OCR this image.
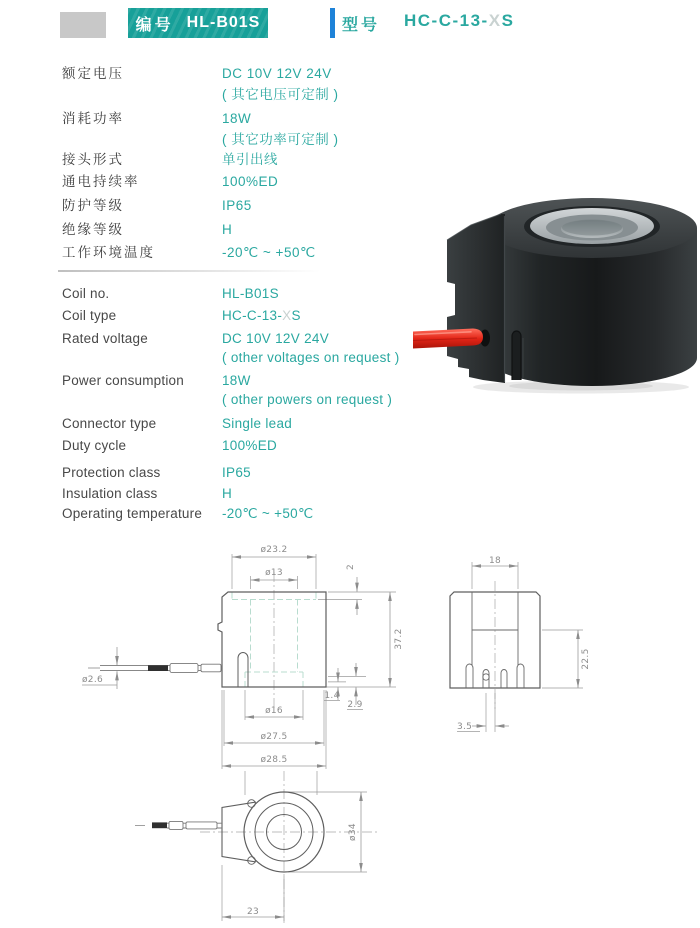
编号 HL-B01S	型号 HC-C-13-XS
额定电压	DC 10V 12V 24V
( 其它电压可定制 )
消耗功率	18W
( 其它功率可定制 )
接头形式	单引出线
通电持续率	100%ED
防护等级	IP65
绝缘等级	H
工作环境温度	-20℃ ~ +50℃
Coil no.	HL-B01S
Coil type	HC-C-13-XS
Rated voltage	DC 10V 12V 24V
( other voltages on request )
Power consumption	18W
( other powers on request )
Connector type	Single lead
Duty cycle	100%ED
Protection class	IP65
Insulation class	H
Operating temperature -20℃ ~ +50℃
ø23.2
ø13
2
37.2
ø2.6
1.4
2.9
ø16
ø27.5
ø28.5
18
22.5
3.5
ø34
23
